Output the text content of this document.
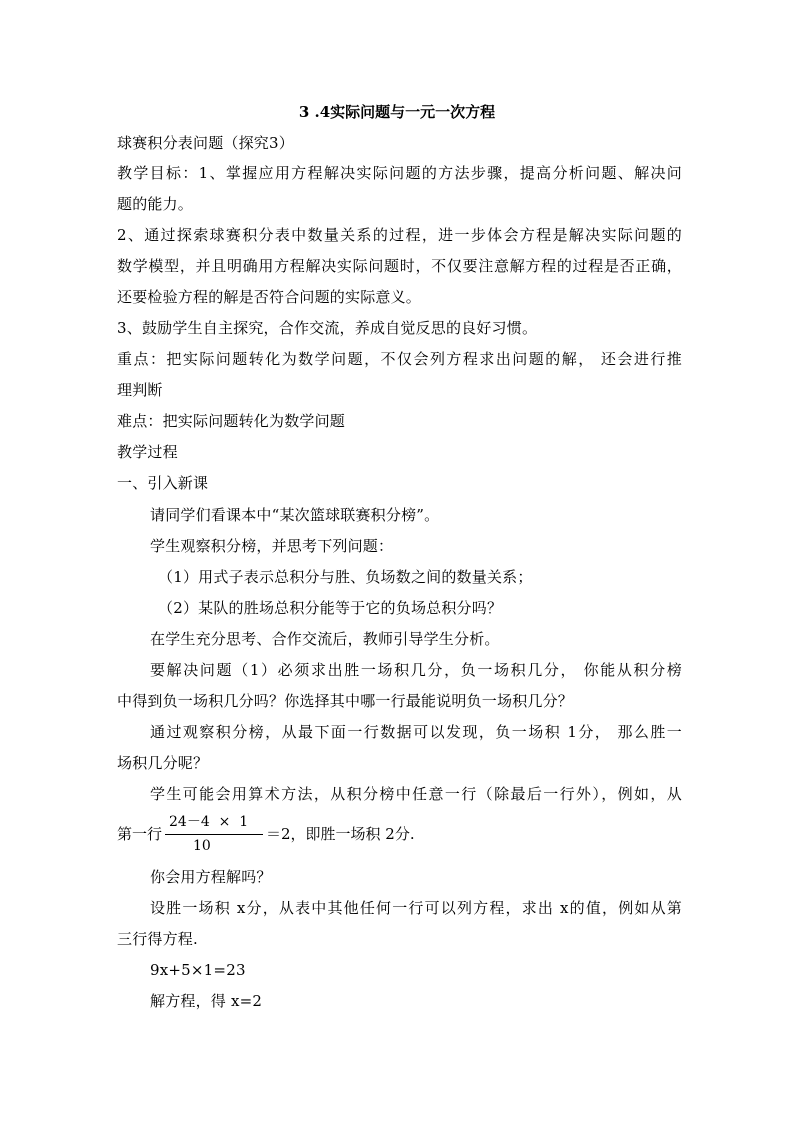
3 .4实际问题与一元一次方程
球赛积分表问题（探究3）
教学目标：1、掌握应用方程解决实际问题的方法步骤，提高分析问题、解决问
题的能力。
2、通过探索球赛积分表中数量关系的过程，进一步体会方程是解决实际问题的
数学模型，并且明确用方程解决实际问题时，不仅要注意解方程的过程是否正确，
还要检验方程的解是否符合问题的实际意义。
3、鼓励学生自主探究，合作交流，养成自觉反思的良好习惯。
重点：把实际问题转化为数学问题，不仅会列方程求出问题的解， 还会进行推
理判断
难点：把实际问题转化为数学问题
教学过程
一、引入新课
请同学们看课本中“某次篮球联赛积分榜”。
学生观察积分榜，并思考下列问题：
（1）用式子表示总积分与胜、负场数之间的数量关系；
（2）某队的胜场总积分能等于它的负场总积分吗？
在学生充分思考、合作交流后，教师引导学生分析。
要解决问题（1）必须求出胜一场积几分，负一场积几分， 你能从积分榜
中得到负一场积几分吗？你选择其中哪一行最能说明负一场积几分？
通过观察积分榜，从最下面一行数据可以发现，负一场积 1分， 那么胜一
场积几分呢？
学生可能会用算术方法，从积分榜中任意一行（除最后一行外），例如，从
第一行
24－4  ×  1
10
＝2，即胜一场积 2分.
你会用方程解吗？
设胜一场积 x分，从表中其他任何一行可以列方程，求出 x的值，例如从第
三行得方程.
9x+5×1=23
解方程，得 x=2
